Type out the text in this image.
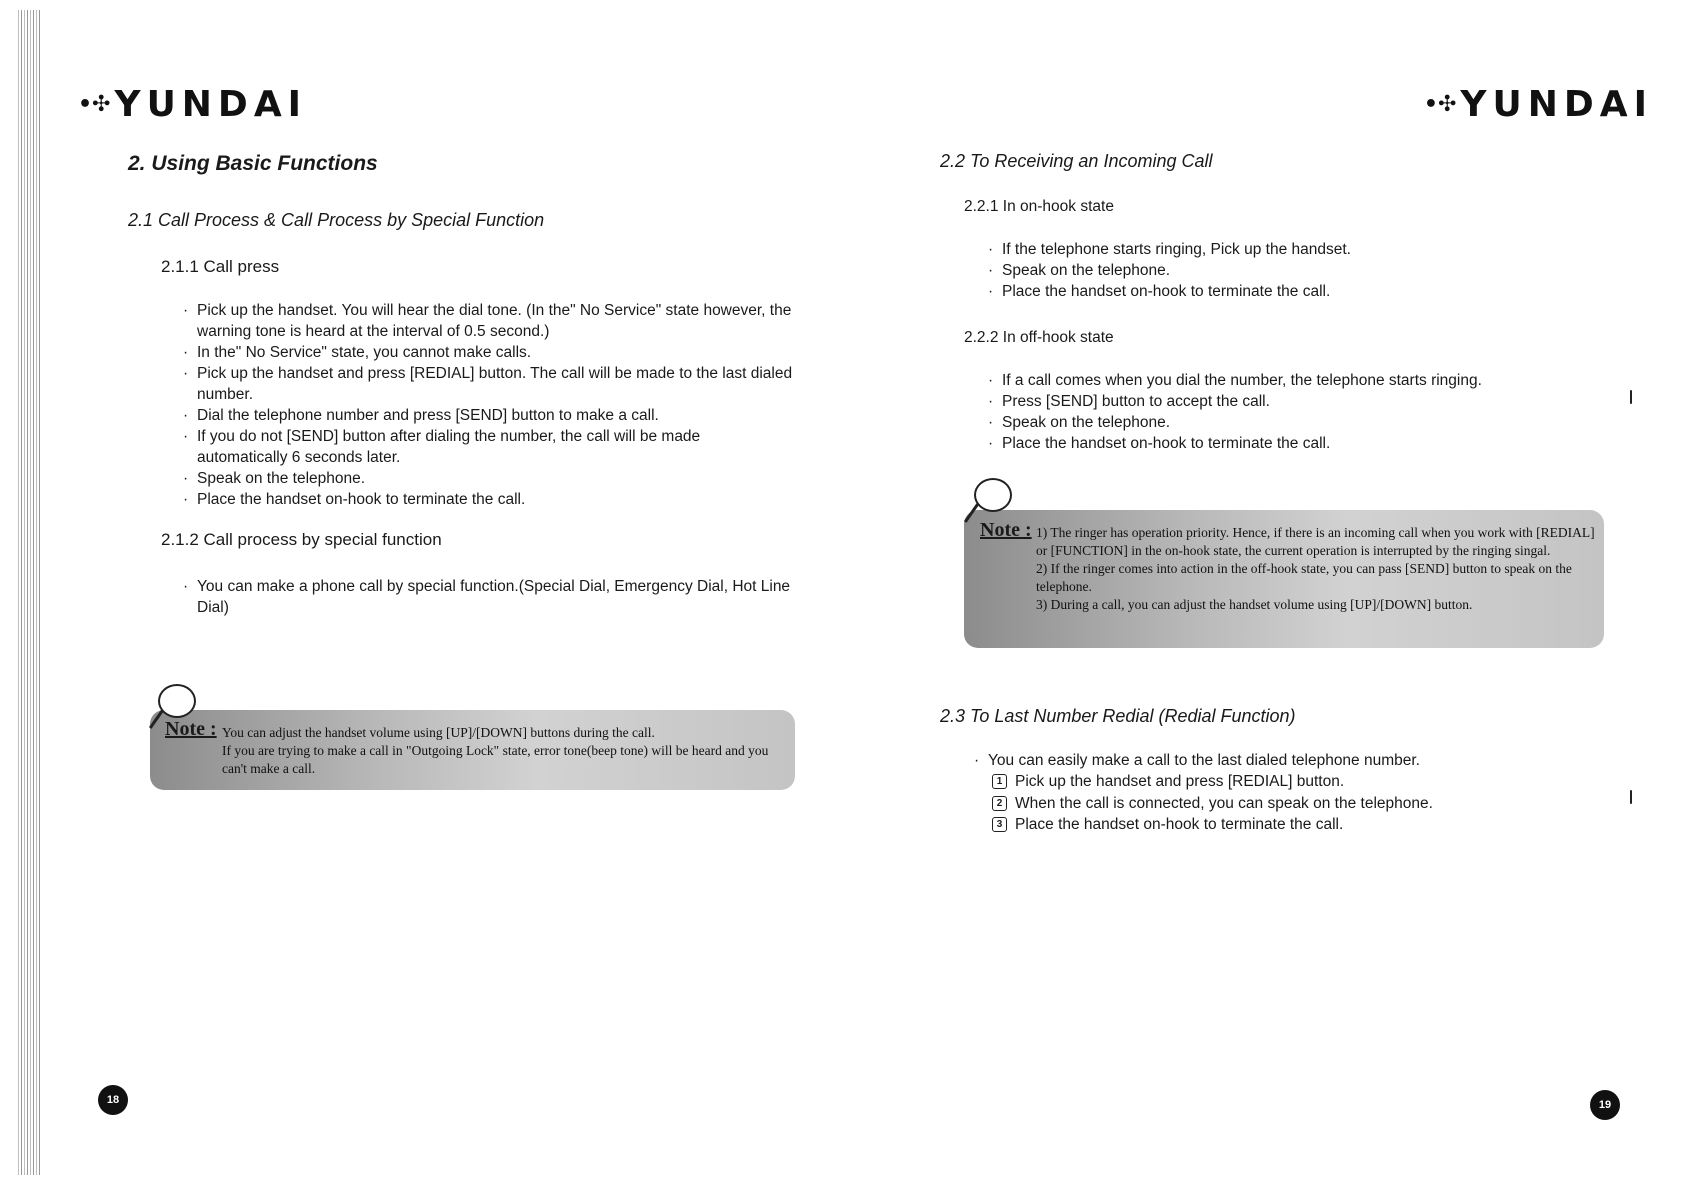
•✣ YUNDAI
2. Using Basic Functions
2.1 Call Process & Call Process by Special Function
2.1.1 Call press
· Pick up the handset. You will hear the dial tone. (In the" No Service" state however, the warning tone is heard at the interval of 0.5 second.)
· In the" No Service" state, you cannot make calls.
· Pick up the handset and press [REDIAL] button. The call will be made to the last dialed number.
· Dial the telephone number and press [SEND] button to make a call.
· If you do not [SEND] button after dialing the number, the call will be made automatically 6 seconds later.
· Speak on the telephone.
· Place the handset on-hook to terminate the call.
2.1.2 Call process by special function
· You can make a phone call by special function.(Special Dial, Emergency Dial, Hot Line Dial)

You can adjust the handset volume using [UP]/[DOWN] buttons during the call.

If you are trying to make a call in "Outgoing Lock" state, error tone(beep tone) will be heard and you can't make a call.

Note :
18
•✣ YUNDAI
2.2 To Receiving an Incoming Call
2.2.1 In on-hook state
· If the telephone starts ringing, Pick up the handset.
· Speak on the telephone.
· Place the handset on-hook to terminate the call.
2.2.2 In off-hook state
· If a call comes when you dial the number, the telephone starts ringing.
· Press [SEND] button to accept the call.
· Speak on the telephone.
· Place the handset on-hook to terminate the call.

1) The ringer has operation priority. Hence, if there is an incoming call when you work with [REDIAL] or [FUNCTION] in the on-hook state, the current operation is interrupted by the ringing singal.

2) If the ringer comes into action in the off-hook state, you can pass [SEND] button to speak on the telephone.

3) During a call, you can adjust the handset volume using [UP]/[DOWN] button.

Note :
2.3 To Last Number Redial (Redial Function)
· You can easily make a call to the last dialed telephone number.
1 Pick up the handset and press [REDIAL] button.
2 When the call is connected, you can speak on the telephone.
3 Place the handset on-hook to terminate the call.
19
